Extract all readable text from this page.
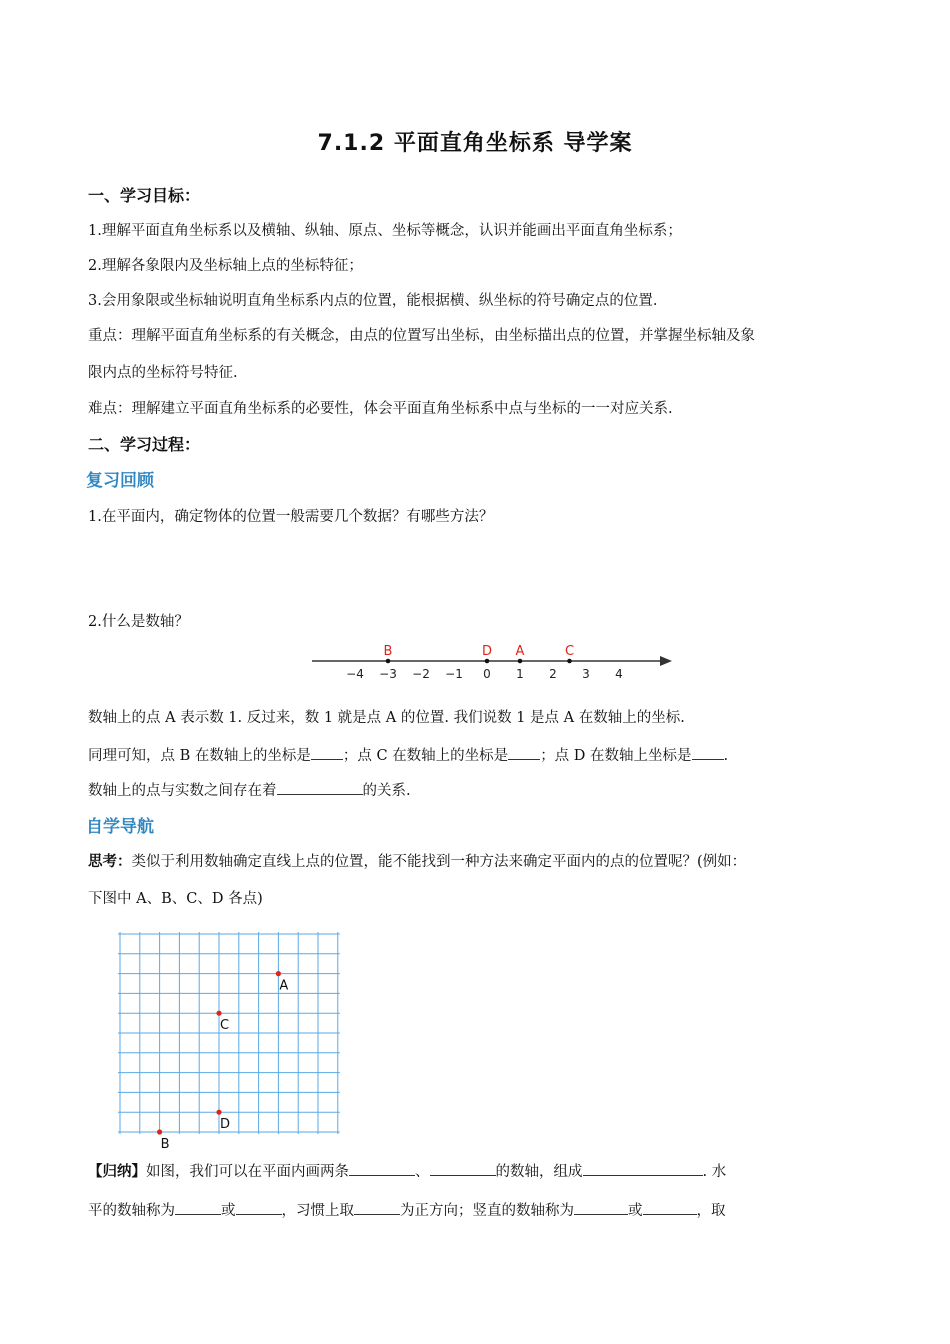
7.1.2 平面直角坐标系 导学案
一、学习目标：
1.理解平面直角坐标系以及横轴、纵轴、原点、坐标等概念，认识并能画出平面直角坐标系；
2.理解各象限内及坐标轴上点的坐标特征；
3.会用象限或坐标轴说明直角坐标系内点的位置，能根据横、纵坐标的符号确定点的位置.
重点：理解平面直角坐标系的有关概念，由点的位置写出坐标，由坐标描出点的位置，并掌握坐标轴及象
限内点的坐标符号特征.
难点：理解建立平面直角坐标系的必要性，体会平面直角坐标系中点与坐标的一一对应关系.
二、学习过程：
复习回顾
1.在平面内，确定物体的位置一般需要几个数据？有哪些方法？
2.什么是数轴？
−4 −3 −2 −1 0 1 2 3 4
B	D A	C
数轴上的点 A 表示数 1. 反过来，数 1 就是点 A 的位置. 我们说数 1 是点 A 在数轴上的坐标.
同理可知，点 B 在数轴上的坐标是 ；点 C 在数轴上的坐标是 ；点 D 在数轴上坐标是 .
数轴上的点与实数之间存在着	的关系.
自学导航
思考：类似于利用数轴确定直线上点的位置，能不能找到一种方法来确定平面内的点的位置呢？(例如：
下图中 A、B、C、D 各点)
A
C
D
B
【归纳】如图，我们可以在平面内画两条	、	的数轴，组成	. 水
平的数轴称为	或	，习惯上取	为正方向；竖直的数轴称为	或	，取
